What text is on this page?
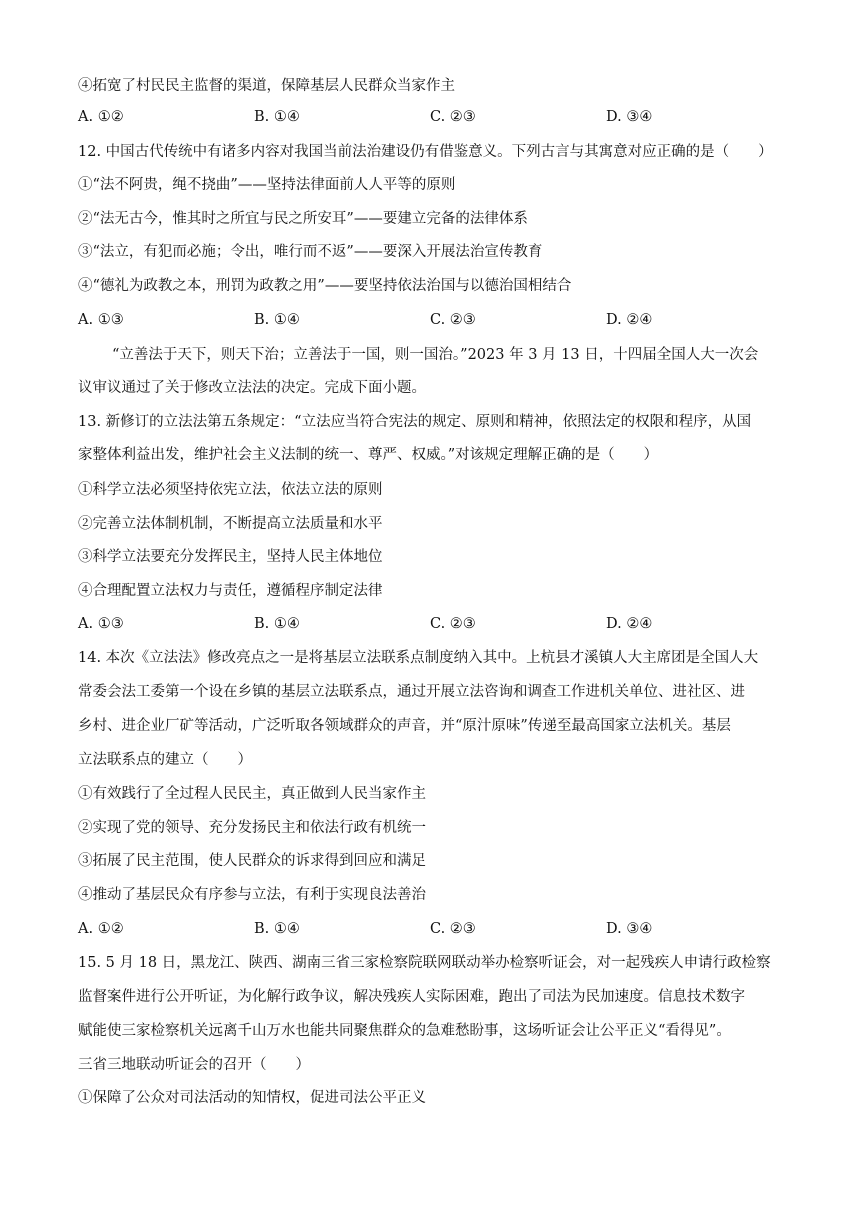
④拓宽了村民民主监督的渠道，保障基层人民群众当家作主
A. ①②	B. ①④	C. ②③	D. ③④
12. 中国古代传统中有诸多内容对我国当前法治建设仍有借鉴意义。下列古言与其寓意对应正确的是（　　）
①“法不阿贵，绳不挠曲”——坚持法律面前人人平等的原则
②“法无古今，惟其时之所宜与民之所安耳”——要建立完备的法律体系
③“法立，有犯而必施；令出，唯行而不返”——要深入开展法治宣传教育
④“德礼为政教之本，刑罚为政教之用”——要坚持依法治国与以德治国相结合
A. ①③	B. ①④	C. ②③	D. ②④
“立善法于天下，则天下治；立善法于一国，则一国治。”2023 年 3 月 13 日，十四届全国人大一次会
议审议通过了关于修改立法法的决定。完成下面小题。
13. 新修订的立法法第五条规定：“立法应当符合宪法的规定、原则和精神，依照法定的权限和程序，从国
家整体利益出发，维护社会主义法制的统一、尊严、权威。”对该规定理解正确的是（　　）
①科学立法必须坚持依宪立法，依法立法的原则
②完善立法体制机制，不断提高立法质量和水平
③科学立法要充分发挥民主，坚持人民主体地位
④合理配置立法权力与责任，遵循程序制定法律
A. ①③	B. ①④	C. ②③	D. ②④
14. 本次《立法法》修改亮点之一是将基层立法联系点制度纳入其中。上杭县才溪镇人大主席团是全国人大
常委会法工委第一个设在乡镇的基层立法联系点，通过开展立法咨询和调查工作进机关单位、进社区、进
乡村、进企业厂矿等活动，广泛听取各领域群众的声音，并“原汁原味”传递至最高国家立法机关。基层
立法联系点的建立（　　）
①有效践行了全过程人民民主，真正做到人民当家作主
②实现了党的领导、充分发扬民主和依法行政有机统一
③拓展了民主范围，使人民群众的诉求得到回应和满足
④推动了基层民众有序参与立法，有利于实现良法善治
A. ①②	B. ①④	C. ②③	D. ③④
15. 5 月 18 日，黑龙江、陕西、湖南三省三家检察院联网联动举办检察听证会，对一起残疾人申请行政检察
监督案件进行公开听证，为化解行政争议，解决残疾人实际困难，跑出了司法为民加速度。信息技术数字
赋能使三家检察机关远离千山万水也能共同聚焦群众的急难愁盼事，这场听证会让公平正义“看得见”。
三省三地联动听证会的召开（　　）
①保障了公众对司法活动的知情权，促进司法公平正义
